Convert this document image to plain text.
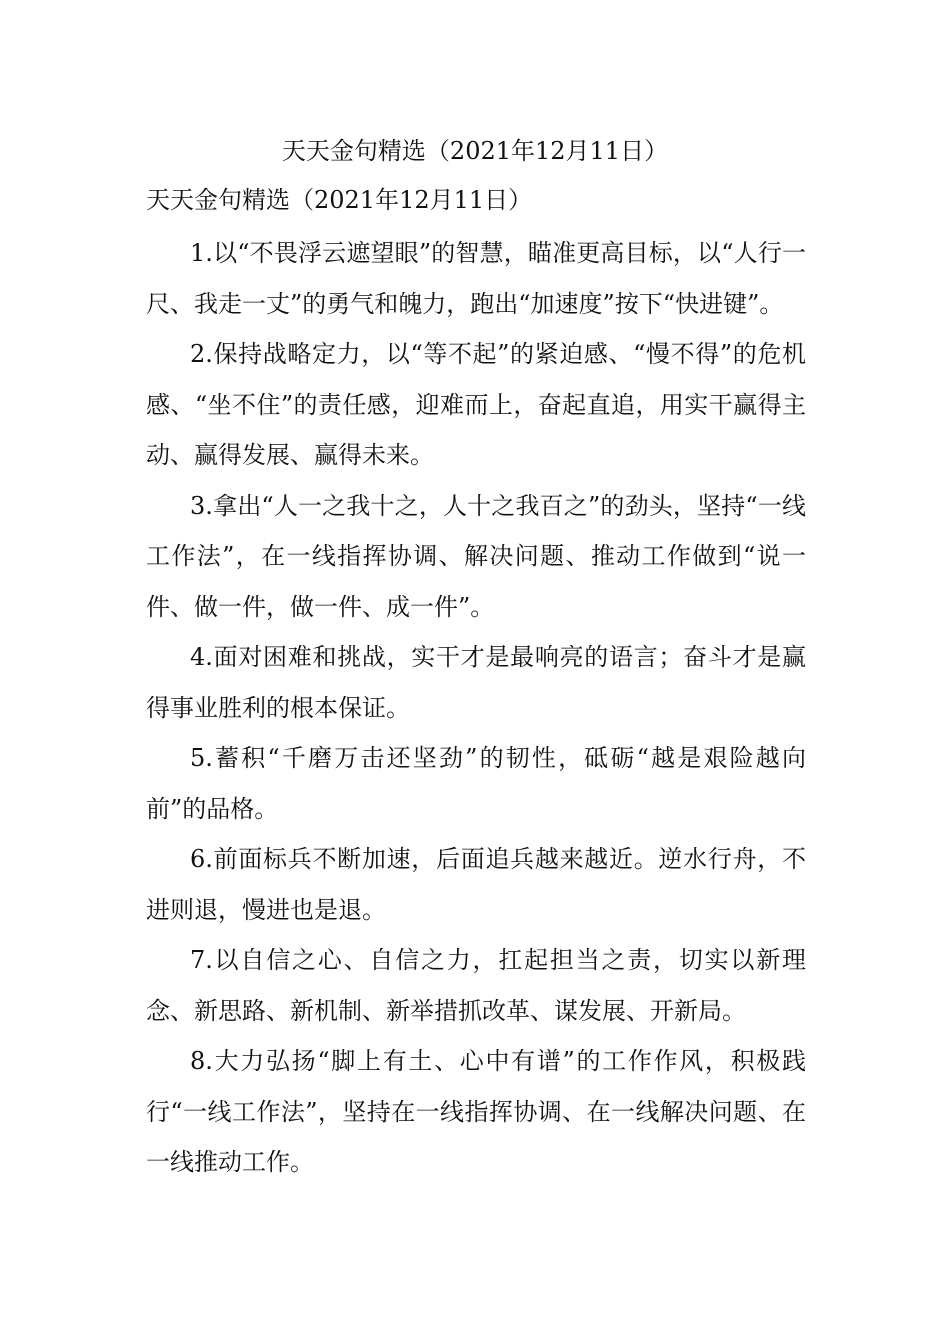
天天金句精选（2021年12月11日）
天天金句精选（2021年12月11日）

1.以“不畏浮云遮望眼”的智慧，瞄准更高目标，以“人行一尺、我走一丈”的勇气和魄力，跑出“加速度”按下“快进键”。

2.保持战略定力，以“等不起”的紧迫感、“慢不得”的危机感、“坐不住”的责任感，迎难而上，奋起直追，用实干赢得主动、赢得发展、赢得未来。

3.拿出“人一之我十之，人十之我百之”的劲头，坚持“一线工作法”，在一线指挥协调、解决问题、推动工作做到“说一件、做一件，做一件、成一件”。

4.面对困难和挑战，实干才是最响亮的语言；奋斗才是赢得事业胜利的根本保证。

5.蓄积“千磨万击还坚劲”的韧性，砥砺“越是艰险越向前”的品格。

6.前面标兵不断加速，后面追兵越来越近。逆水行舟，不进则退，慢进也是退。

7.以自信之心、自信之力，扛起担当之责，切实以新理念、新思路、新机制、新举措抓改革、谋发展、开新局。

8.大力弘扬“脚上有土、心中有谱”的工作作风，积极践行“一线工作法”，坚持在一线指挥协调、在一线解决问题、在一线推动工作。
